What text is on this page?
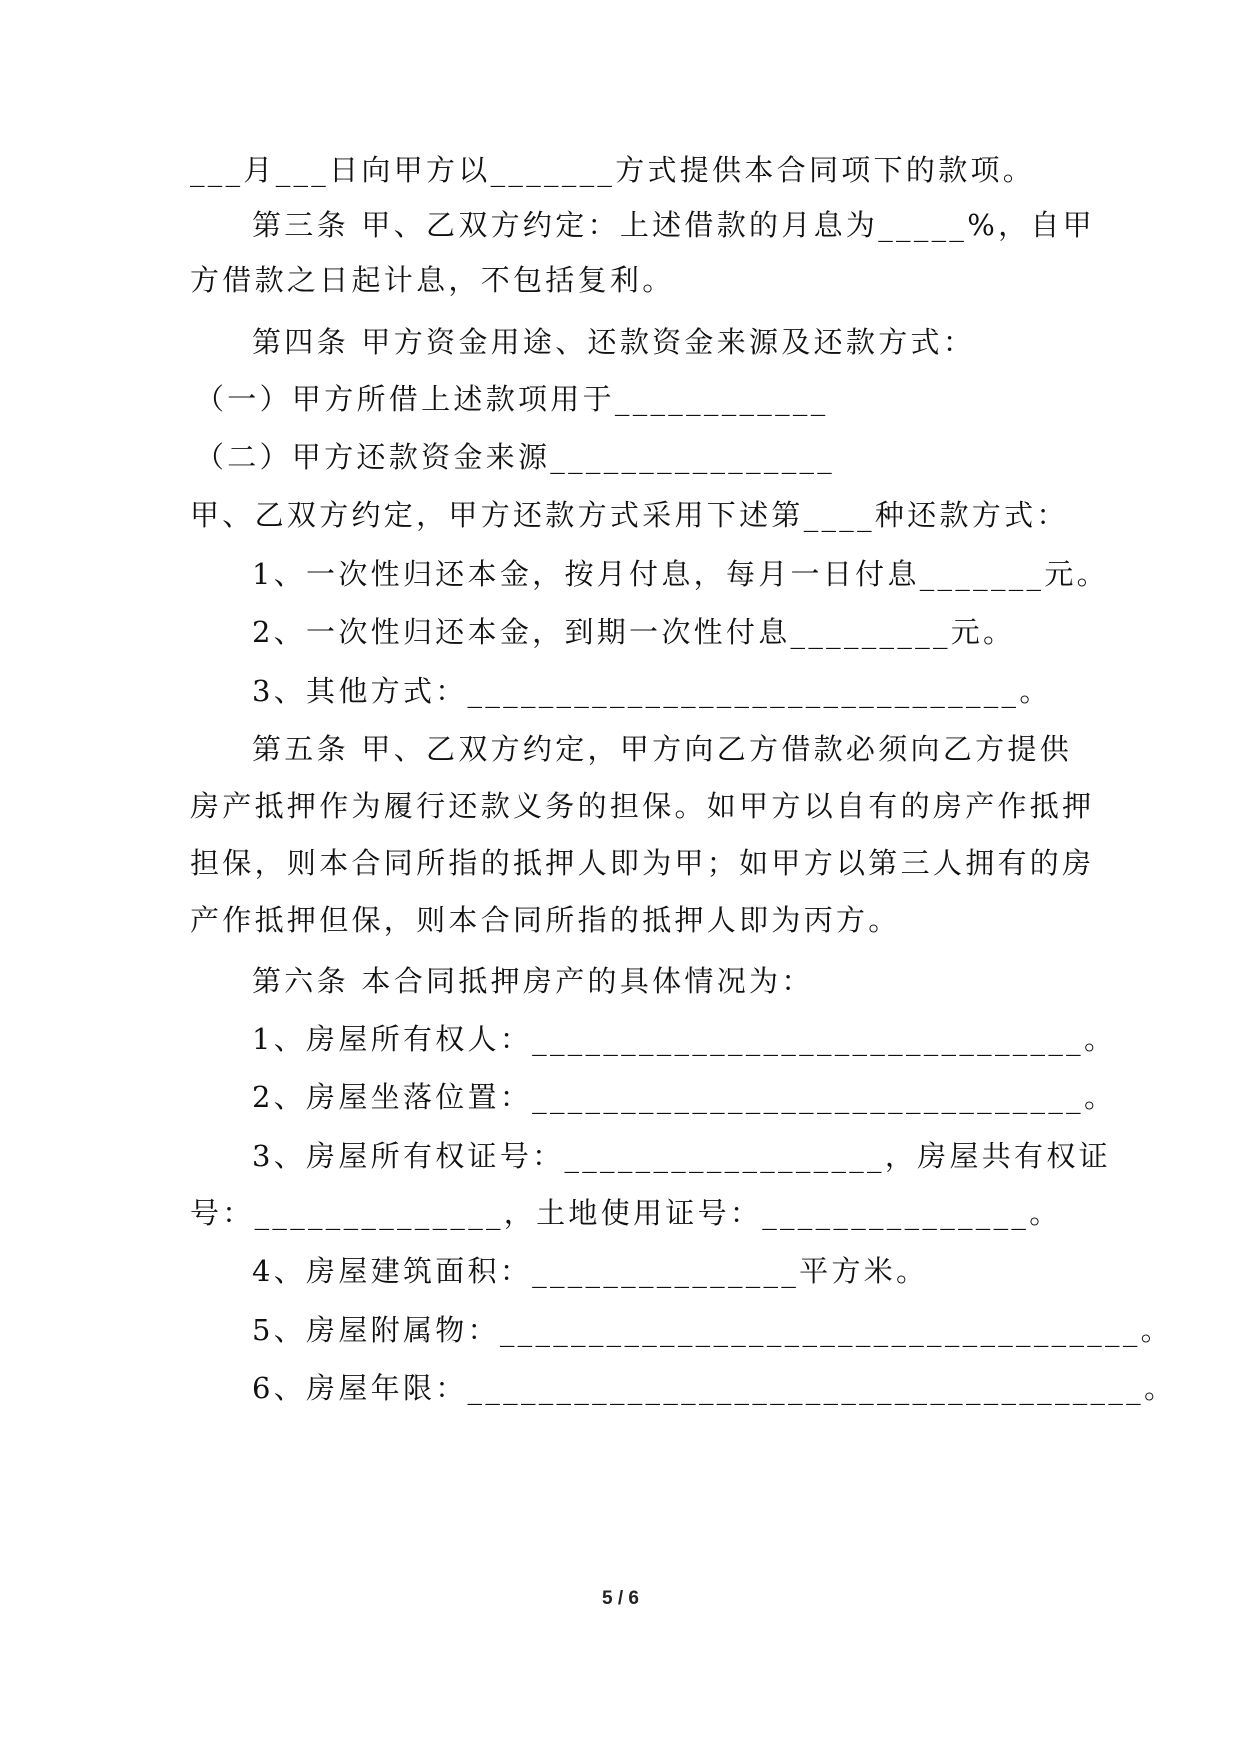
___月___日向甲方以_______方式提供本合同项下的款项。
第三条 甲、乙双方约定：上述借款的月息为_____%，自甲
方借款之日起计息，不包括复利。
第四条 甲方资金用途、还款资金来源及还款方式：
（一）甲方所借上述款项用于____________
（二）甲方还款资金来源________________
甲、乙双方约定，甲方还款方式采用下述第____种还款方式：
1、一次性归还本金，按月付息，每月一日付息_______元。
2、一次性归还本金，到期一次性付息_________元。
3、其他方式：_______________________________。
第五条 甲、乙双方约定，甲方向乙方借款必须向乙方提供
房产抵押作为履行还款义务的担保。如甲方以自有的房产作抵押
担保，则本合同所指的抵押人即为甲；如甲方以第三人拥有的房
产作抵押但保，则本合同所指的抵押人即为丙方。
第六条 本合同抵押房产的具体情况为：
1、房屋所有权人：_______________________________。
2、房屋坐落位置：_______________________________。
3、房屋所有权证号：__________________，房屋共有权证
号：______________，土地使用证号：_______________。
4、房屋建筑面积：_______________平方米。
5、房屋附属物：____________________________________。
6、房屋年限：______________________________________。
5 / 6
